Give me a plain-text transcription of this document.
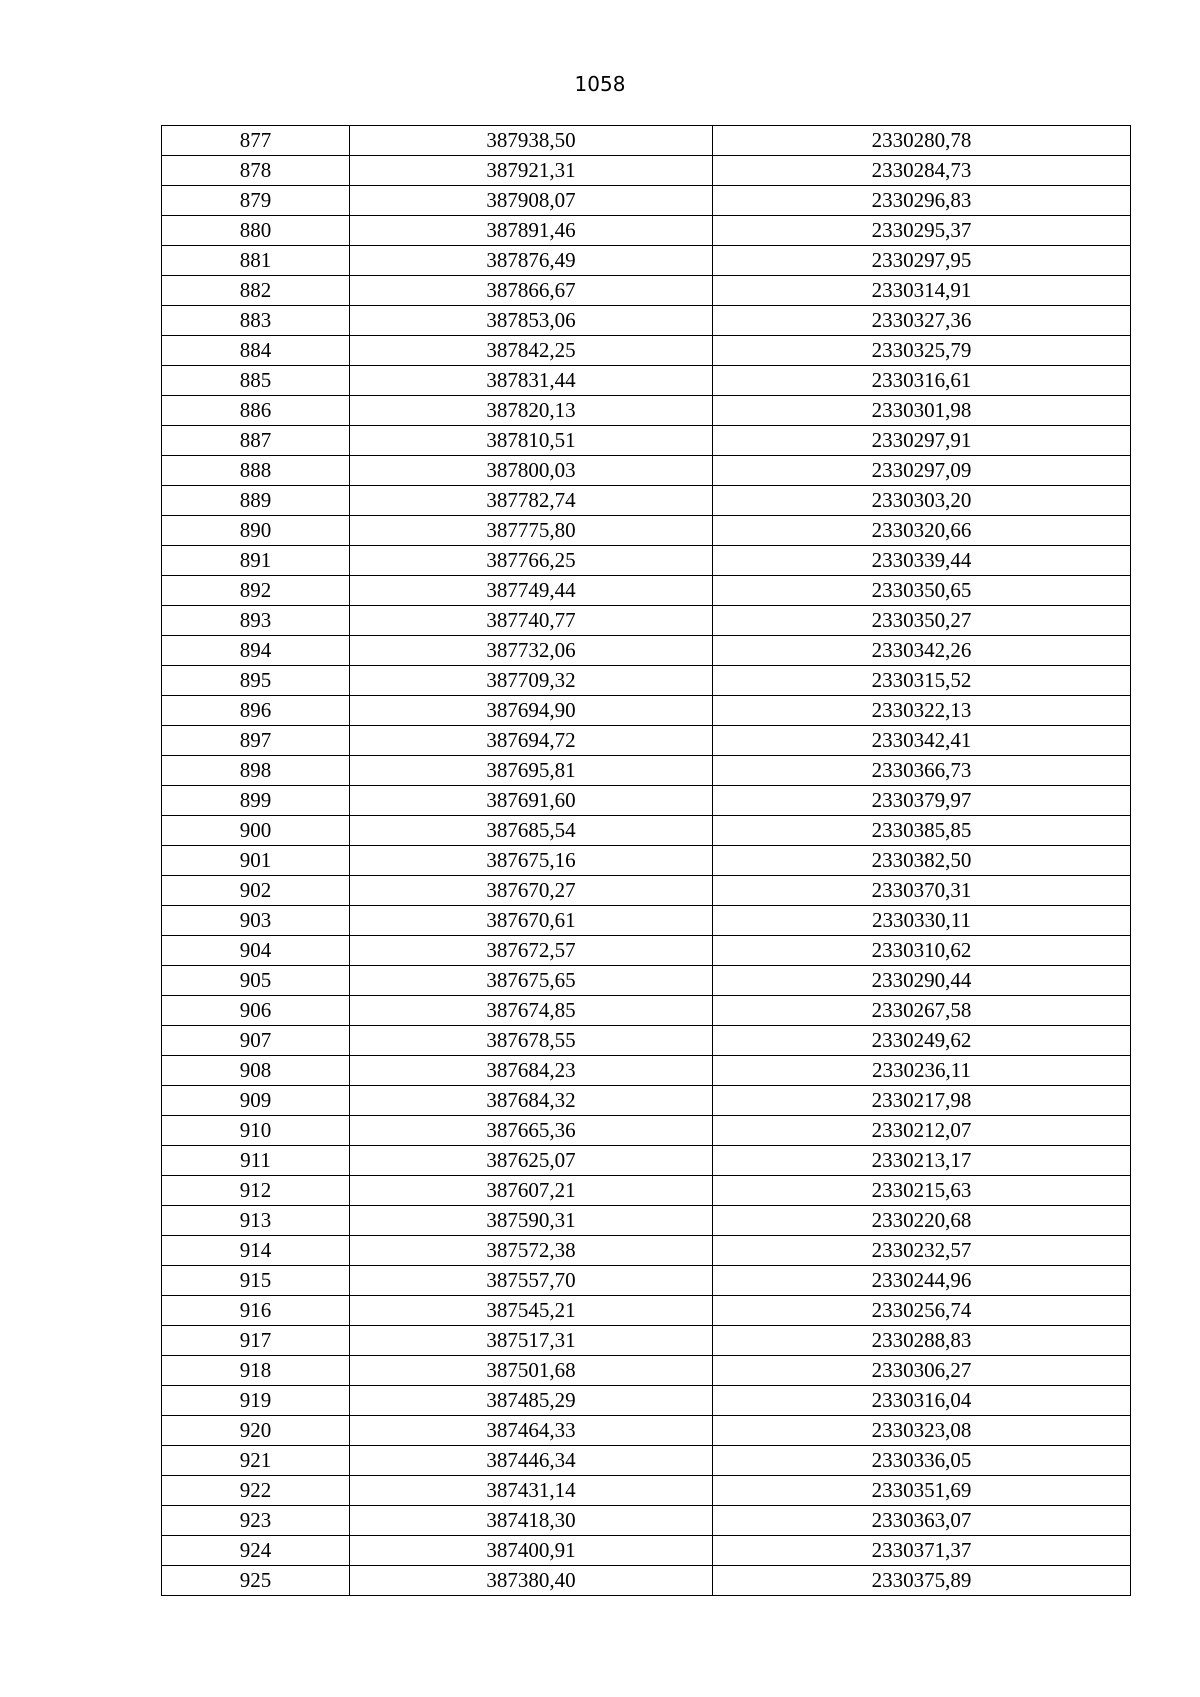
1058
877	387938,50	2330280,78
878	387921,31	2330284,73
879	387908,07	2330296,83
880	387891,46	2330295,37
881	387876,49	2330297,95
882	387866,67	2330314,91
883	387853,06	2330327,36
884	387842,25	2330325,79
885	387831,44	2330316,61
886	387820,13	2330301,98
887	387810,51	2330297,91
888	387800,03	2330297,09
889	387782,74	2330303,20
890	387775,80	2330320,66
891	387766,25	2330339,44
892	387749,44	2330350,65
893	387740,77	2330350,27
894	387732,06	2330342,26
895	387709,32	2330315,52
896	387694,90	2330322,13
897	387694,72	2330342,41
898	387695,81	2330366,73
899	387691,60	2330379,97
900	387685,54	2330385,85
901	387675,16	2330382,50
902	387670,27	2330370,31
903	387670,61	2330330,11
904	387672,57	2330310,62
905	387675,65	2330290,44
906	387674,85	2330267,58
907	387678,55	2330249,62
908	387684,23	2330236,11
909	387684,32	2330217,98
910	387665,36	2330212,07
911	387625,07	2330213,17
912	387607,21	2330215,63
913	387590,31	2330220,68
914	387572,38	2330232,57
915	387557,70	2330244,96
916	387545,21	2330256,74
917	387517,31	2330288,83
918	387501,68	2330306,27
919	387485,29	2330316,04
920	387464,33	2330323,08
921	387446,34	2330336,05
922	387431,14	2330351,69
923	387418,30	2330363,07
924	387400,91	2330371,37
925	387380,40	2330375,89
